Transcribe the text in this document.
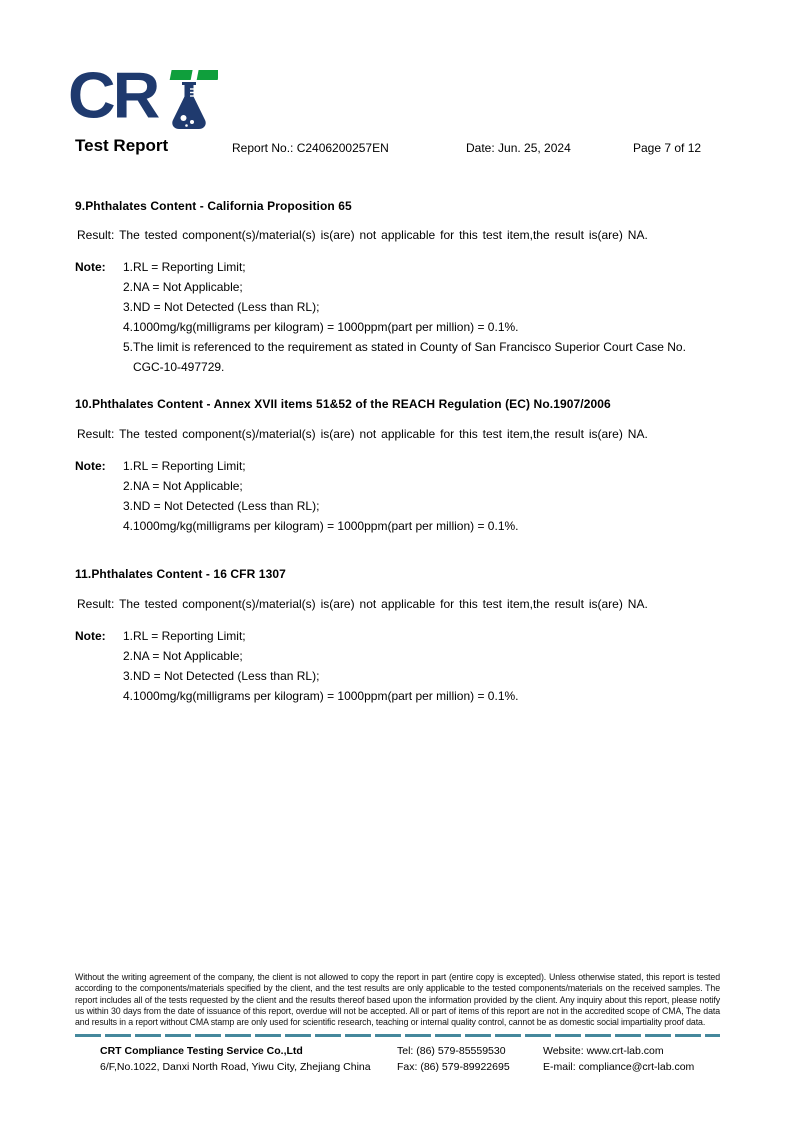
CR
Test Report	Report No.: C2406200257EN	Date: Jun. 25, 2024	Page 7 of 12
9.Phthalates Content - California Proposition 65
Result: The tested component(s)/material(s) is(are) not applicable for this test item,the result is(are) NA.
Note:	1.RL = Reporting Limit;
2.NA = Not Applicable;
3.ND = Not Detected (Less than RL);
4.1000mg/kg(milligrams per kilogram) = 1000ppm(part per million) = 0.1%.
5.The limit is referenced to the requirement as stated in County of San Francisco Superior Court Case No.
CGC-10-497729.
10.Phthalates Content - Annex XVII items 51&52 of the REACH Regulation (EC) No.1907/2006
Result: The tested component(s)/material(s) is(are) not applicable for this test item,the result is(are) NA.
Note:	1.RL = Reporting Limit;
2.NA = Not Applicable;
3.ND = Not Detected (Less than RL);
4.1000mg/kg(milligrams per kilogram) = 1000ppm(part per million) = 0.1%.
11.Phthalates Content - 16 CFR 1307
Result: The tested component(s)/material(s) is(are) not applicable for this test item,the result is(are) NA.
Note:	1.RL = Reporting Limit;
2.NA = Not Applicable;
3.ND = Not Detected (Less than RL);
4.1000mg/kg(milligrams per kilogram) = 1000ppm(part per million) = 0.1%.
Without the writing agreement of the company, the client is not allowed to copy the report in part (entire copy is excepted). Unless otherwise stated, this report is tested according to the components/materials specified by the client, and the test results are only applicable to the tested components/materials on the received samples. The report includes all of the tests requested by the client and the results thereof based upon the information provided by the client. Any inquiry about this report, please notify us within 30 days from the date of issuance of this report, overdue will not be accepted. All or part of items of this report are not in the accredited scope of CMA, The data and results in a report without CMA stamp are only used for scientific research, teaching or internal quality control, cannot be as domestic social impartiality proof data.
CRT Compliance Testing Service Co.,Ltd
6/F,No.1022, Danxi North Road, Yiwu City, Zhejiang China
Tel: (86) 579-85559530
Fax: (86) 579-89922695
Website: www.crt-lab.com
E-mail: compliance@crt-lab.com
